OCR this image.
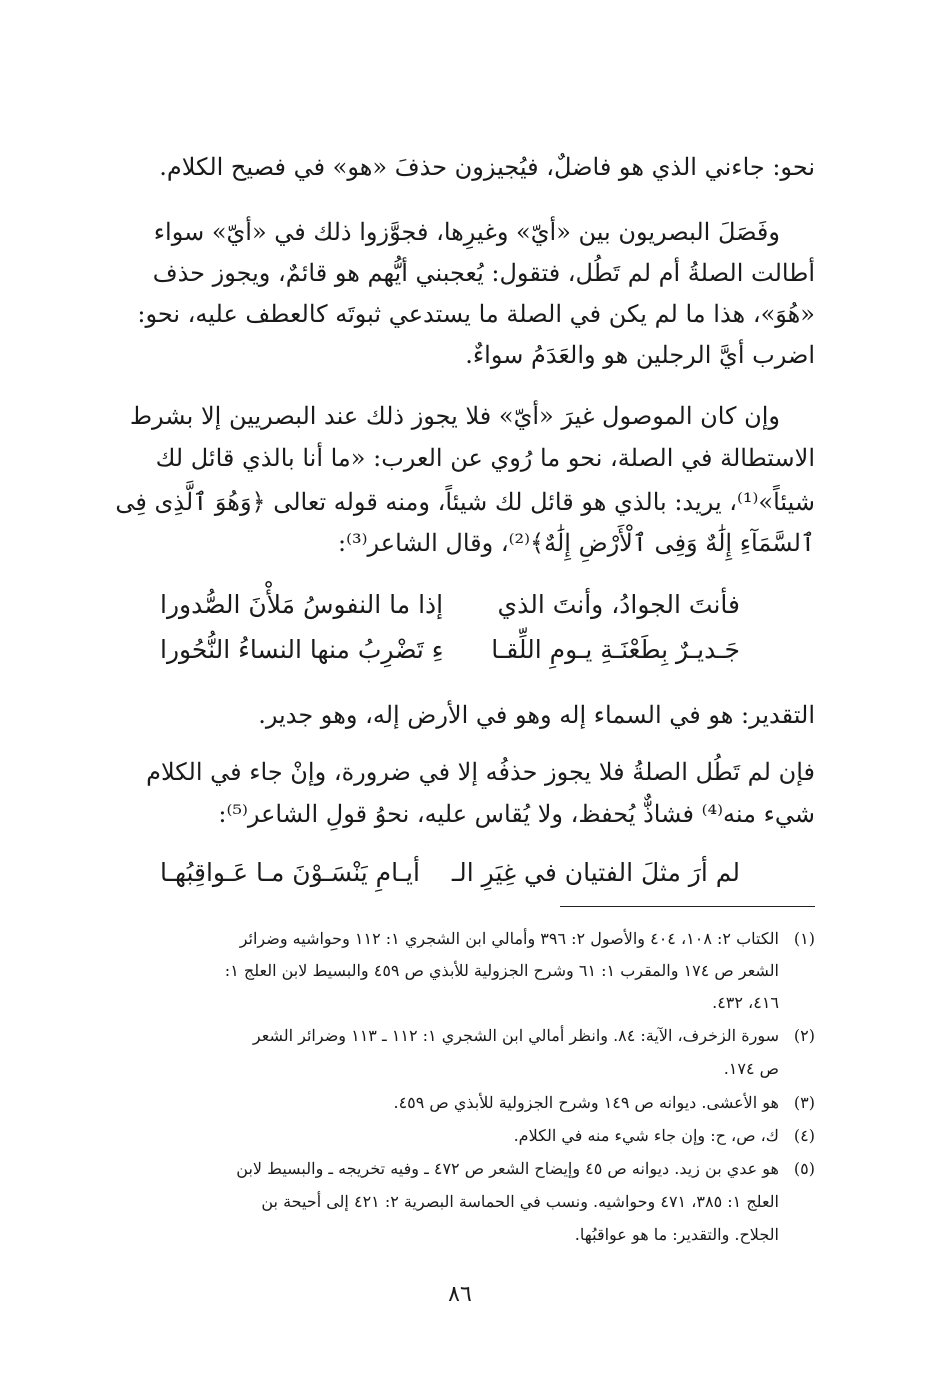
نحو: جاءني الذي هو فاضلٌ، فيُجيزون حذفَ «هو» في فصيح الكلام.
وفَصَلَ البصريون بين «أيّ» وغيرِها، فجوَّزوا ذلك في «أيّ» سواء
أطالت الصلةُ أم لم تَطُل، فتقول: يُعجبني أيُّهم هو قائمٌ، ويجوز حذف
«هُوَ»، هذا ما لم يكن في الصلة ما يستدعي ثبوتَه كالعطف عليه، نحو:
اضرب أيَّ الرجلين هو والعَدَمُ سواءٌ.
وإن كان الموصول غيرَ «أيّ» فلا يجوز ذلك عند البصريين إلا بشرط
الاستطالة في الصلة، نحو ما رُوي عن العرب: «ما أنا بالذي قائل لك
شيئاً»⁽¹⁾، يريد: بالذي هو قائل لك شيئاً، ومنه قوله تعالى ﴿وَهُوَ ٱلَّذِى فِى
ٱلسَّمَآءِ إِلَٰهٌ وَفِى ٱلْأَرْضِ إِلَٰهٌ﴾⁽²⁾، وقال الشاعر⁽³⁾:
فأنتَ الجوادُ، وأنتَ الذي
إذا ما النفوسُ مَلأْنَ الصُّدورا
جَـديـرٌ بِطَعْنَـةِ يـومِ اللِّقـا
ءِ تَضْرِبُ منها النساءُ النُّحُورا
التقدير: هو في السماء إله وهو في الأرض إله، وهو جدير.
فإن لم تَطُل الصلةُ فلا يجوز حذفُه إلا في ضرورة، وإنْ جاء في الكلام
شيء منه⁽⁴⁾ فشاذٌّ يُحفظ، ولا يُقاس عليه، نحوُ قولِ الشاعر⁽⁵⁾:
لم أرَ مثلَ الفتيان في غِيَرِ الـ
أيـامِ يَنْسَـوْنَ مـا عَـواقِبُهـا
(١)الكتاب ٢: ١٠٨، ٤٠٤ والأصول ٢: ٣٩٦ وأمالي ابن الشجري ١: ١١٢ وحواشيه وضرائر
الشعر ص ١٧٤ والمقرب ١: ٦١ وشرح الجزولية للأبذي ص ٤٥٩ والبسيط لابن العلج ١:
٤١٦، ٤٣٢.
(٢)سورة الزخرف، الآية: ٨٤. وانظر أمالي ابن الشجري ١: ١١٢ ـ ١١٣ وضرائر الشعر
ص ١٧٤.
(٣)هو الأعشى. ديوانه ص ١٤٩ وشرح الجزولية للأبذي ص ٤٥٩.
(٤)ك، ص، ح: وإن جاء شيء منه في الكلام.
(٥)هو عدي بن زيد. ديوانه ص ٤٥ وإيضاح الشعر ص ٤٧٢ ـ وفيه تخريجه ـ والبسيط لابن
العلج ١: ٣٨٥، ٤٧١ وحواشيه. ونسب في الحماسة البصرية ٢: ٤٢١ إلى أحيحة بن
الجلاح. والتقدير: ما هو عواقبُها.
٨٦
